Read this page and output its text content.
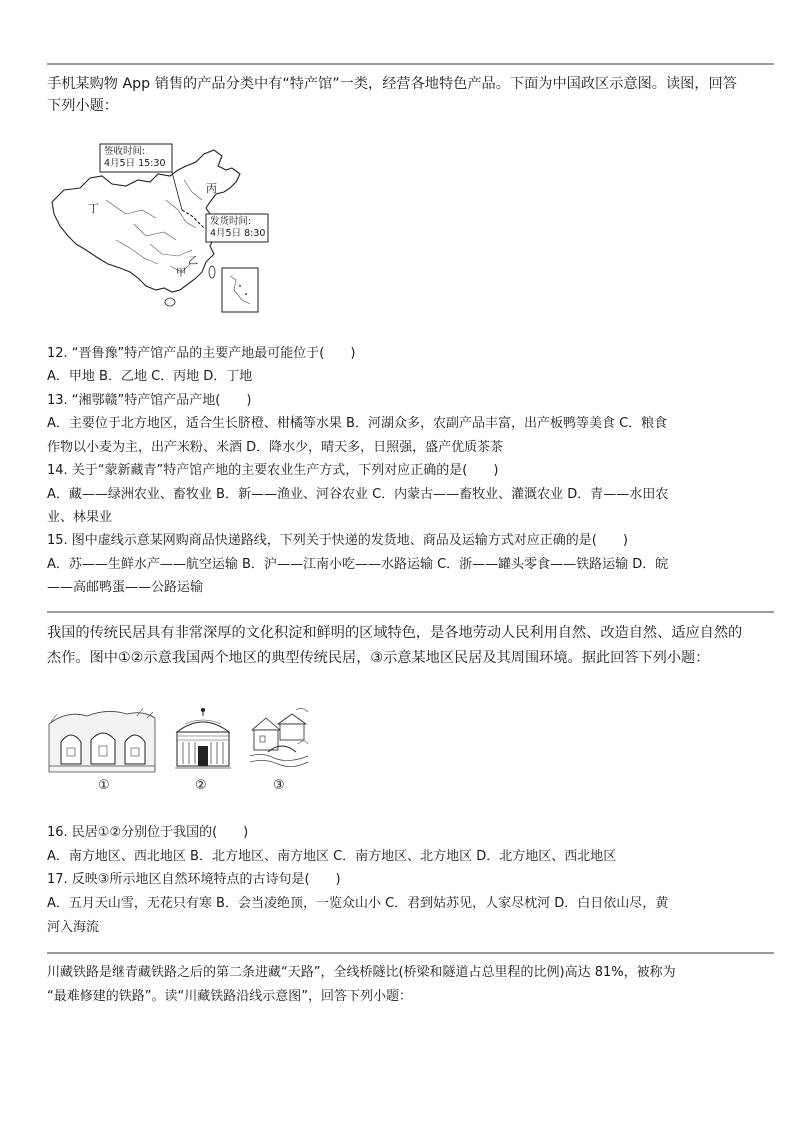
手机某购物 App 销售的产品分类中有“特产馆”一类，经营各地特色产品。下面为中国政区示意图。读图，回答
下列小题：
签收时间:
4月5日 15:30
发货时间:
4月5日 8:30
丙
丁
甲
乙
12. “晋鲁豫”特产馆产品的主要产地最可能位于(　　)
A．甲地 B．乙地 C．丙地 D．丁地
13. “湘鄂赣”特产馆产品产地(　　)
A．主要位于北方地区，适合生长脐橙、柑橘等水果 B．河湖众多，农副产品丰富，出产板鸭等美食 C．粮食
作物以小麦为主，出产米粉、米酒 D．降水少，晴天多，日照强，盛产优质茶茶
14. 关于“蒙新藏青”特产馆产地的主要农业生产方式，下列对应正确的是(　　)
A．藏——绿洲农业、畜牧业 B．新——渔业、河谷农业 C．内蒙古——畜牧业、灌溉农业 D．青——水田农
业、林果业
15. 图中虚线示意某网购商品快递路线，下列关于快递的发货地、商品及运输方式对应正确的是(　　)
A．苏——生鲜水产——航空运输 B．沪——江南小吃——水路运输 C．浙——罐头零食——铁路运输 D．皖
——高邮鸭蛋——公路运输
我国的传统民居具有非常深厚的文化积淀和鲜明的区域特色，是各地劳动人民利用自然、改造自然、适应自然的
杰作。图中①②示意我国两个地区的典型传统民居，③示意某地区民居及其周围环境。据此回答下列小题：
①	②	③
16. 民居①②分别位于我国的(　　)
A．南方地区、西北地区 B．北方地区、南方地区 C．南方地区、北方地区 D．北方地区、西北地区
17. 反映③所示地区自然环境特点的古诗句是(　　)
A．五月天山雪，无花只有寒 B．会当凌绝顶，一览众山小 C．君到姑苏见，人家尽枕河 D．白日依山尽，黄
河入海流
川藏铁路是继青藏铁路之后的第二条进藏“天路”，全线桥隧比(桥梁和隧道占总里程的比例)高达 81%，被称为
“最难修建的铁路”。读“川藏铁路沿线示意图”，回答下列小题：
